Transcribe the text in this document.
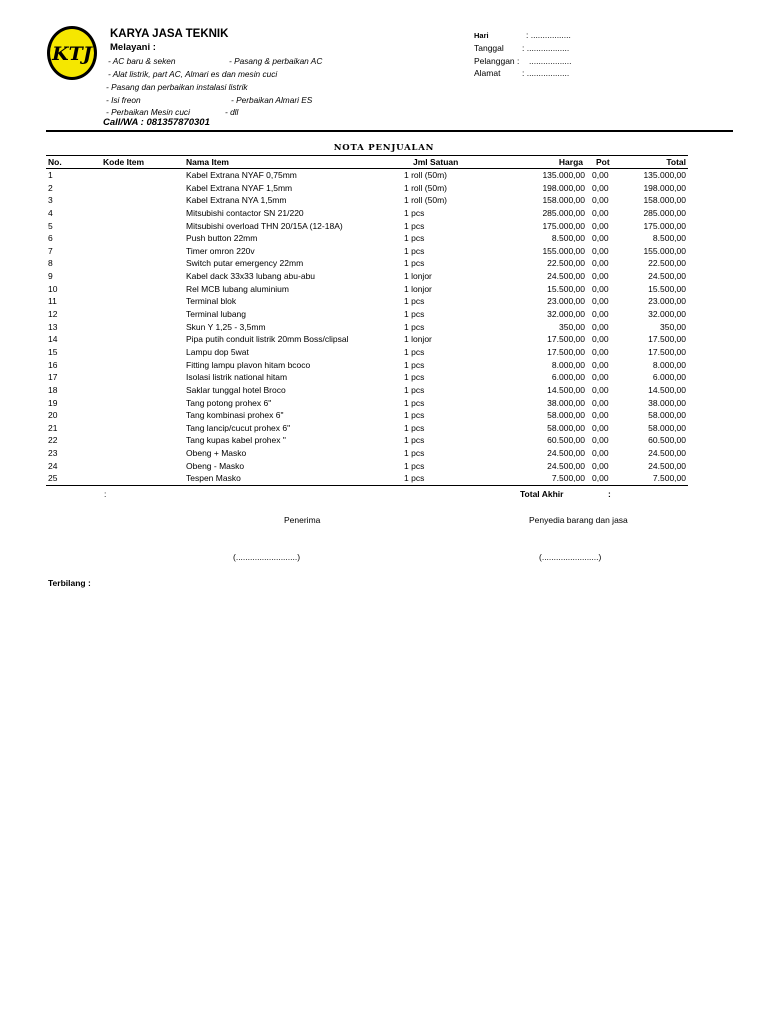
KTJ
KARYA JASA TEKNIK
Melayani :
- AC baru & seken	- Pasang & perbaikan AC
- Alat listrik, part AC, Almari es dan mesin cuci
- Pasang dan perbaikan instalasi listrik
- Isi freon	- Perbaikan Almari ES
- Perbaikan Mesin cuci	- dll
Call/WA : 081357870301
Hari	: .................
Tanggal : ..................
Pelanggan : ..................
Alamat	: ..................
NOTA PENJUALAN
No.	Kode Item	Nama Item	Jml Satuan	Harga Pot	Total
1	Kabel Extrana NYAF 0,75mm	1 roll (50m)	135.000,00 0,00	135.000,00
2	Kabel Extrana NYAF 1,5mm	1 roll (50m)	198.000,00 0,00	198.000,00
3	Kabel Extrana NYA 1,5mm	1 roll (50m)	158.000,00 0,00	158.000,00
4	Mitsubishi contactor SN 21/220	1 pcs	285.000,00 0,00	285.000,00
5	Mitsubishi overload THN 20/15A (12-18A)	1 pcs	175.000,00 0,00	175.000,00
6	Push button 22mm	1 pcs	8.500,00 0,00	8.500,00
7	Timer omron 220v	1 pcs	155.000,00 0,00	155.000,00
8	Switch putar emergency 22mm	1 pcs	22.500,00 0,00	22.500,00
9	Kabel dack 33x33 lubang abu-abu	1 lonjor	24.500,00 0,00	24.500,00
10	Rel MCB lubang aluminium	1 lonjor	15.500,00 0,00	15.500,00
11	Terminal blok	1 pcs	23.000,00 0,00	23.000,00
12	Terminal lubang	1 pcs	32.000,00 0,00	32.000,00
13	Skun Y 1,25 - 3,5mm	1 pcs	350,00 0,00	350,00
14	Pipa putih conduit listrik 20mm Boss/clipsal	1 lonjor	17.500,00 0,00	17.500,00
15	Lampu dop 5wat	1 pcs	17.500,00 0,00	17.500,00
16	Fitting lampu plavon hitam bcoco	1 pcs	8.000,00 0,00	8.000,00
17	Isolasi listrik national hitam	1 pcs	6.000,00 0,00	6.000,00
18	Saklar tunggal hotel Broco	1 pcs	14.500,00 0,00	14.500,00
19	Tang potong prohex 6"	1 pcs	38.000,00 0,00	38.000,00
20	Tang kombinasi prohex 6"	1 pcs	58.000,00 0,00	58.000,00
21	Tang lancip/cucut prohex 6"	1 pcs	58.000,00 0,00	58.000,00
22	Tang kupas kabel prohex "	1 pcs	60.500,00 0,00	60.500,00
23	Obeng + Masko	1 pcs	24.500,00 0,00	24.500,00
24	Obeng - Masko	1 pcs	24.500,00 0,00	24.500,00
25	Tespen Masko	1 pcs	7.500,00 0,00	7.500,00
:	Total Akhir	:
Penerima	Penyedia barang dan jasa
(..........................)	(........................)
Terbilang :
